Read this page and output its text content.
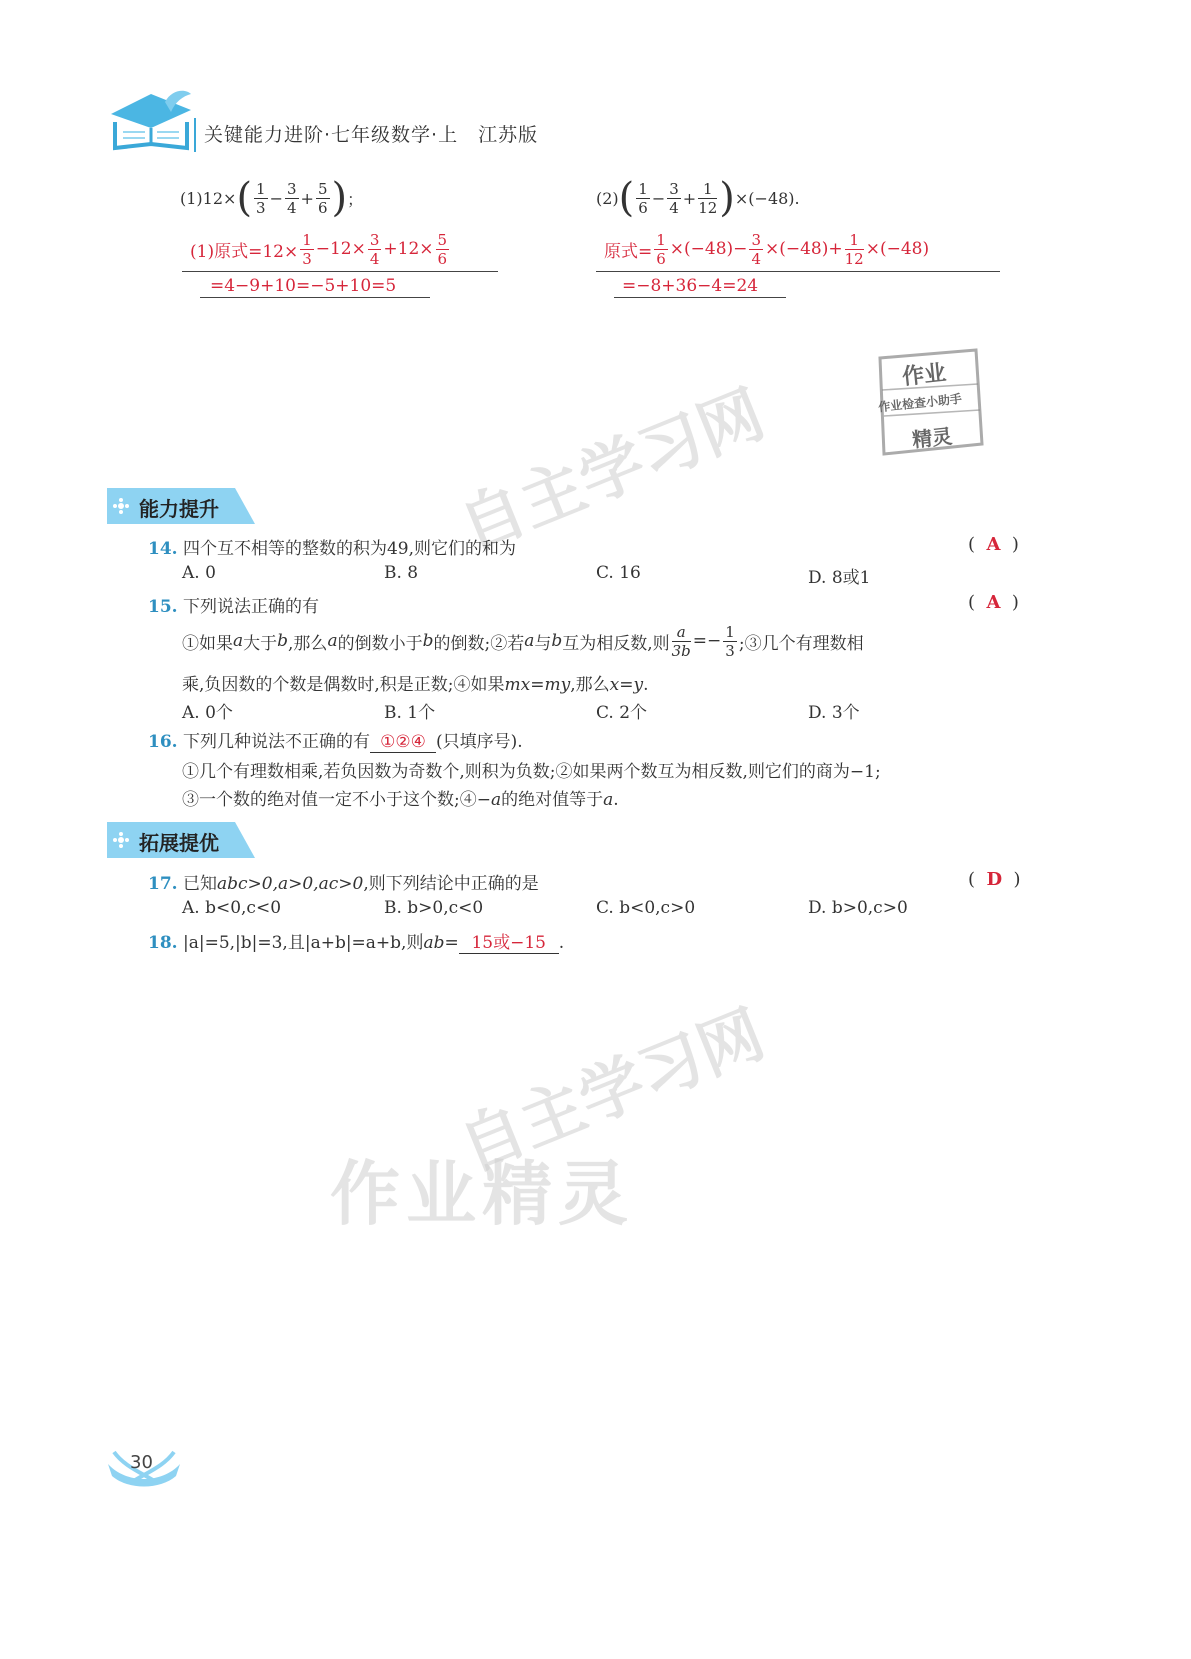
关键能力进阶·七年级数学·上　江苏版
(1)12× ( $\frac{1}{3} - \frac{3}{4} + \frac{5}{6}$ ) ；
(1)原式$=12\times \frac{1}{3} -12\times \frac{3}{4} +12\times \frac{5}{6}$
=4−9+10=−5+10=5
(2) ( $\frac{1}{6} - \frac{3}{4} + \frac{1}{12}$ ) ×(−48).
原式= $\frac{1}{6} \times(-48)- \frac{3}{4} \times(-48)+ \frac{1}{12} \times(-48)$
=−8+36−4=24
作业
作业检查小助手
精灵
自主学习网
自主学习网
作业精灵
能力提升
14. 四个互不相等的整数的积为49,则它们的和为	( A )
A. 0	B. 8	C. 16	D. 8或1
15. 下列说法正确的有	( A )
①如果 a 大于 b ,那么 a 的倒数小于 b 的倒数;②若 a 与 b 互为相反数,则 $\frac{a}{3b} =- \frac{1}{3}$ ;③几个有理数相
乘,负因数的个数是偶数时,积是正数;④如果mx=my,那么x=y.
A. 0个	B. 1个	C. 2个	D. 3个
16. 下列几种说法不正确的有 ①②④ (只填序号).
①几个有理数相乘,若负因数为奇数个,则积为负数;②如果两个数互为相反数,则它们的商为−1;
③一个数的绝对值一定不小于这个数;④−a的绝对值等于a.
拓展提优
17. 已知abc>0,a>0,ac>0,则下列结论中正确的是	( D )
A. b<0,c<0	B. b>0,c<0	C. b<0,c>0	D. b>0,c>0
18. |a|=5,|b|=3,且|a+b|=a+b,则ab= 15或−15 .
30
